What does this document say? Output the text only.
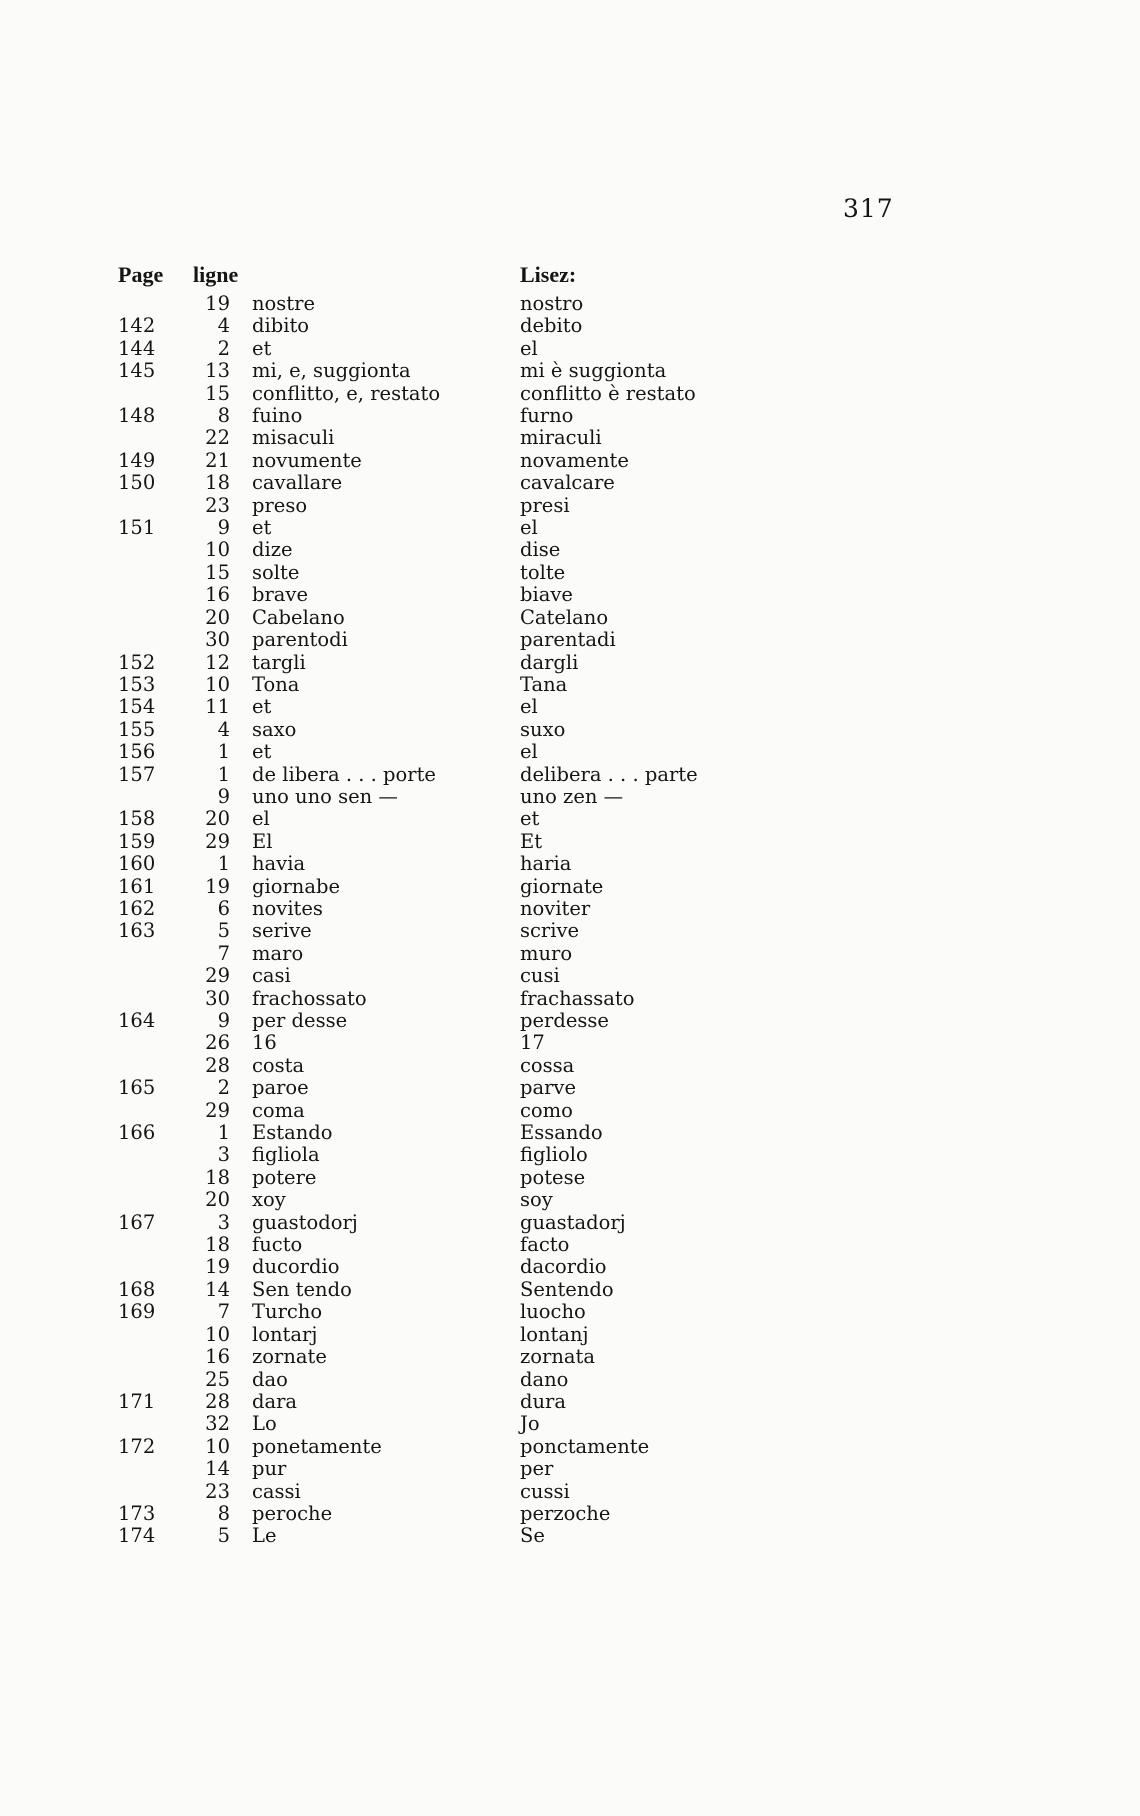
317
Page ligne	Lisez:
19 nostre	nostro
142	4 dibito	debito
144	2 et	el
145	13 mi, e, suggionta	mi è suggionta
15 conflitto, e, restato	conflitto è restato
148	8 fuino	furno
22 misaculi	miraculi
149	21 novumente	novamente
150	18 cavallare	cavalcare
23 preso	presi
151	9 et	el
10 dize	dise
15 solte	tolte
16 brave	biave
20 Cabelano	Catelano
30 parentodi	parentadi
152	12 targli	dargli
153	10 Tona	Tana
154	11 et	el
155	4 saxo	suxo
156	1 et	el
157	1 de libera . . . porte	delibera . . . parte
9 uno uno sen —	uno zen —
158	20 el	et
159	29 El	Et
160	1 havia	haria
161	19 giornabe	giornate
162	6 novites	noviter
163	5 serive	scrive
7 maro	muro
29 casi	cusi
30 frachossato	frachassato
164	9 per desse	perdesse
26 16	17
28 costa	cossa
165	2 paroe	parve
29 coma	como
166	1 Estando	Essando
3 figliola	figliolo
18 potere	potese
20 xoy	soy
167	3 guastodorj	guastadorj
18 fucto	facto
19 ducordio	dacordio
168	14 Sen tendo	Sentendo
169	7 Turcho	luocho
10 lontarj	lontanj
16 zornate	zornata
25 dao	dano
171	28 dara	dura
32 Lo	Jo
172	10 ponetamente	ponctamente
14 pur	per
23 cassi	cussi
173	8 peroche	perzoche
174	5 Le	Se
